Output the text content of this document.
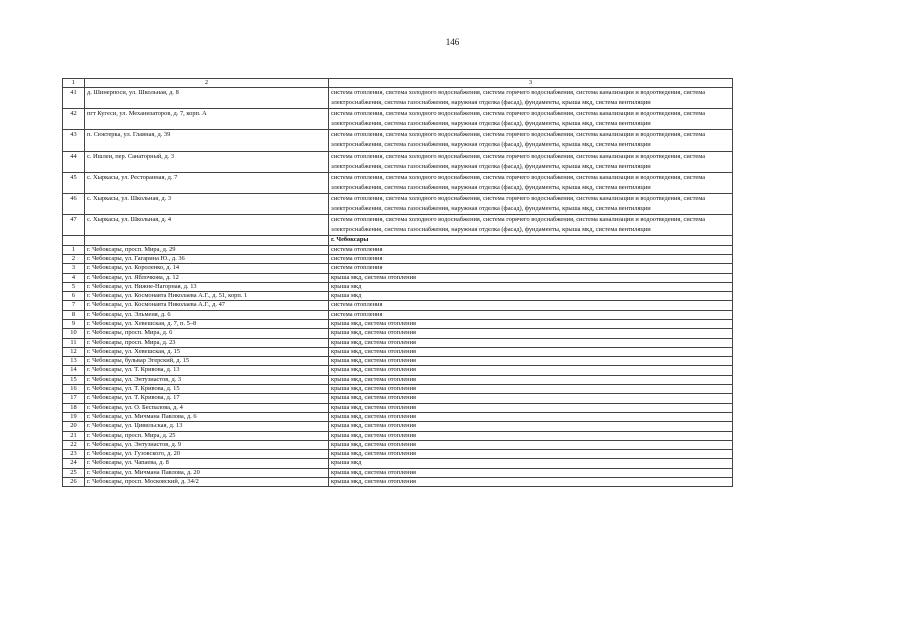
146
1	2	3
41	д. Шинерпоси, ул. Школьная, д. 8	система отопления, система холодного водоснабжения, система горячего водоснабжения, система канализации и водоотведения, система электроснабжения, система газоснабжения, наружная отделка (фасад), фундаменты, крыша мкд, система вентиляции
42	пгт Кугеси, ул. Механизаторов, д. 7, корп. А	система отопления, система холодного водоснабжения, система горячего водоснабжения, система канализации и водоотведения, система электроснабжения, система газоснабжения, наружная отделка (фасад), фундаменты, крыша мкд, система вентиляции
43	п. Сюктерка, ул. Главная, д. 39	система отопления, система холодного водоснабжения, система горячего водоснабжения, система канализации и водоотведения, система электроснабжения, система газоснабжения, наружная отделка (фасад), фундаменты, крыша мкд, система вентиляции
44	с. Ишлеи, пер. Санаторный, д. 3	система отопления, система холодного водоснабжения, система горячего водоснабжения, система канализации и водоотведения, система электроснабжения, система газоснабжения, наружная отделка (фасад), фундаменты, крыша мкд, система вентиляции
45	с. Хыркасы, ул. Ресторанная, д. 7	система отопления, система холодного водоснабжения, система горячего водоснабжения, система канализации и водоотведения, система электроснабжения, система газоснабжения, наружная отделка (фасад), фундаменты, крыша мкд, система вентиляции
46	с. Хыркасы, ул. Школьная, д. 3	система отопления, система холодного водоснабжения, система горячего водоснабжения, система канализации и водоотведения, система электроснабжения, система газоснабжения, наружная отделка (фасад), фундаменты, крыша мкд, система вентиляции
47	с. Хыркасы, ул. Школьная, д. 4	система отопления, система холодного водоснабжения, система горячего водоснабжения, система канализации и водоотведения, система электроснабжения, система газоснабжения, наружная отделка (фасад), фундаменты, крыша мкд, система вентиляции
		г. Чебоксары
1	г. Чебоксары, просп. Мира, д. 29	система отопления
2	г. Чебоксары, ул. Гагарина Ю., д. 36	система отопления
3	г. Чебоксары, ул. Короленко, д. 14	система отопления
4	г. Чебоксары, ул. Яблочкова, д. 12	крыша мкд, система отопления
5	г. Чебоксары, ул. Нижне-Нагорная, д. 13	крыша мкд
6	г. Чебоксары, ул. Космонавта Николаева А.Г., д. 51, корп. 1	крыша мкд
7	г. Чебоксары, ул. Космонавта Николаева А.Г., д. 47	система отопления
8	г. Чебоксары, ул. Эльменя, д. 6	система отопления
9	г. Чебоксары, ул. Хевешская, д. 7, п. 5–8	крыша мкд, система отопления
10	г. Чебоксары, просп. Мира, д. 6	крыша мкд, система отопления
11	г. Чебоксары, просп. Мира, д. 23	крыша мкд, система отопления
12	г. Чебоксары, ул. Хевешская, д. 15	крыша мкд, система отопления
13	г. Чебоксары, бульвар Эгерский, д. 15	крыша мкд, система отопления
14	г. Чебоксары, ул. Т. Кривова, д. 13	крыша мкд, система отопления
15	г. Чебоксары, ул. Энтузиастов, д. 3	крыша мкд, система отопления
16	г. Чебоксары, ул. Т. Кривова, д. 15	крыша мкд, система отопления
17	г. Чебоксары, ул. Т. Кривова, д. 17	крыша мкд, система отопления
18	г. Чебоксары, ул. О. Беспалова, д. 4	крыша мкд, система отопления
19	г. Чебоксары, ул. Мичмана Павлова, д. 6	крыша мкд, система отопления
20	г. Чебоксары, ул. Цивильская, д. 13	крыша мкд, система отопления
21	г. Чебоксары, просп. Мира, д. 25	крыша мкд, система отопления
22	г. Чебоксары, ул. Энтузиастов, д. 9	крыша мкд, система отопления
23	г. Чебоксары, ул. Гузовского, д. 20	крыша мкд, система отопления
24	г. Чебоксары, ул. Чапаева, д. 8	крыша мкд
25	г. Чебоксары, ул. Мичмана Павлова, д. 20	крыша мкд, система отопления
26	г. Чебоксары, просп. Московский, д. 34/2	крыша мкд, система отопления
